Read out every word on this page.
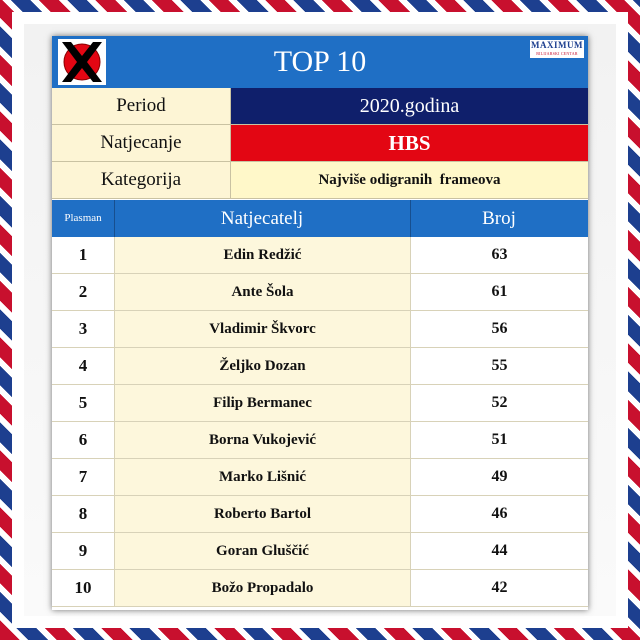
TOP 10	MAXIMUM
BILIJARSKI CENTAR
Period	2020.godina
Natjecanje	HBS
Kategorija	Najviše odigranih  frameova
Plasman	Natjecatelj	Broj
1	Edin Redžić	63
2	Ante Šola	61
3	Vladimir Škvorc	56
4	Željko Dozan	55
5	Filip Bermanec	52
6	Borna Vukojević	51
7	Marko Lišnić	49
8	Roberto Bartol	46
9	Goran Gluščić	44
10	Božo Propadalo	42
